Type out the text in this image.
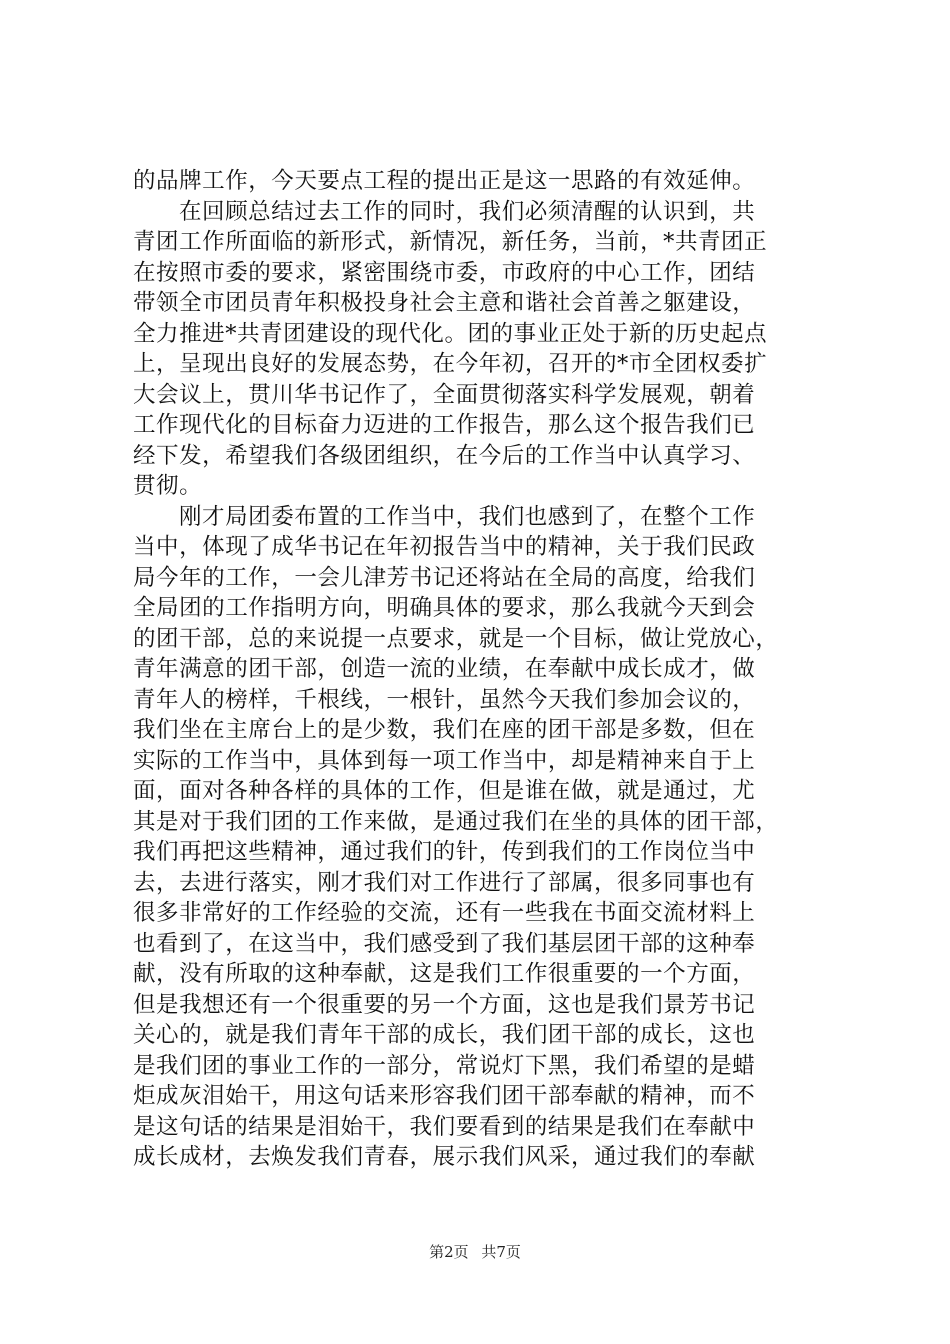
的品牌工作，今天要点工程的提出正是这一思路的有效延伸。
在回顾总结过去工作的同时，我们必须清醒的认识到，共
青团工作所面临的新形式，新情况，新任务，当前，*共青团正
在按照市委的要求，紧密围绕市委，市政府的中心工作，团结
带领全市团员青年积极投身社会主意和谐社会首善之躯建设，
全力推进*共青团建设的现代化。团的事业正处于新的历史起点
上，呈现出良好的发展态势，在今年初，召开的*市全团权委扩
大会议上，贯川华书记作了，全面贯彻落实科学发展观，朝着
工作现代化的目标奋力迈进的工作报告，那么这个报告我们已
经下发，希望我们各级团组织，在今后的工作当中认真学习、
贯彻。
刚才局团委布置的工作当中，我们也感到了，在整个工作
当中，体现了成华书记在年初报告当中的精神，关于我们民政
局今年的工作，一会儿津芳书记还将站在全局的高度，给我们
全局团的工作指明方向，明确具体的要求，那么我就今天到会
的团干部，总的来说提一点要求，就是一个目标，做让党放心，
青年满意的团干部，创造一流的业绩，在奉献中成长成才，做
青年人的榜样，千根线，一根针，虽然今天我们参加会议的，
我们坐在主席台上的是少数，我们在座的团干部是多数，但在
实际的工作当中，具体到每一项工作当中，却是精神来自于上
面，面对各种各样的具体的工作，但是谁在做，就是通过，尤
其是对于我们团的工作来做，是通过我们在坐的具体的团干部，
我们再把这些精神，通过我们的针，传到我们的工作岗位当中
去，去进行落实，刚才我们对工作进行了部属，很多同事也有
很多非常好的工作经验的交流，还有一些我在书面交流材料上
也看到了，在这当中，我们感受到了我们基层团干部的这种奉
献，没有所取的这种奉献，这是我们工作很重要的一个方面，
但是我想还有一个很重要的另一个方面，这也是我们景芳书记
关心的，就是我们青年干部的成长，我们团干部的成长，这也
是我们团的事业工作的一部分，常说灯下黑，我们希望的是蜡
炬成灰泪始干，用这句话来形容我们团干部奉献的精神，而不
是这句话的结果是泪始干，我们要看到的结果是我们在奉献中
成长成材，去焕发我们青春，展示我们风采，通过我们的奉献
第2页 共7页
